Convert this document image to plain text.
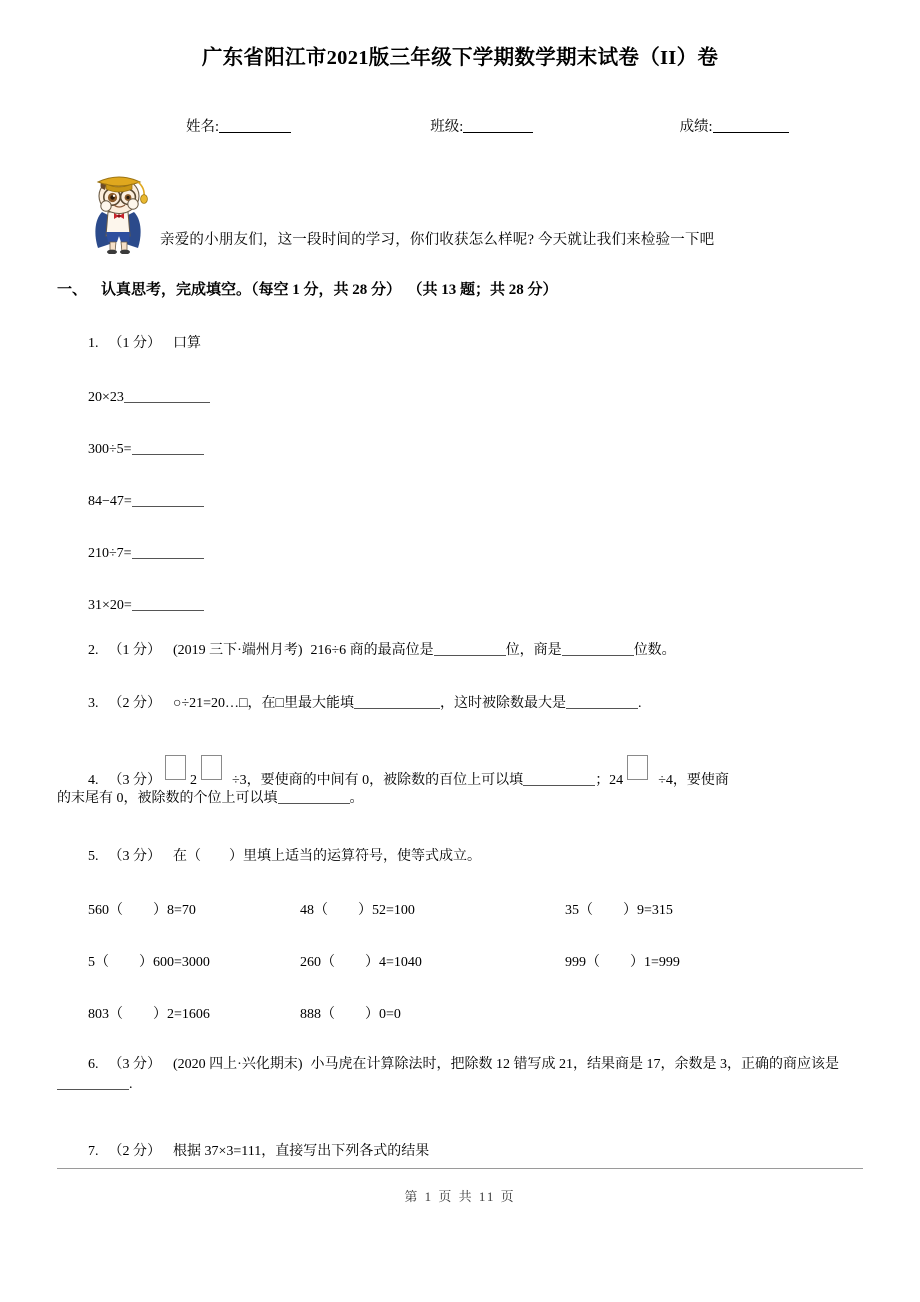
广东省阳江市2021版三年级下学期数学期末试卷（II）卷
姓名:	班级:	成绩:
亲爱的小朋友们，这一段时间的学习，你们收获怎么样呢? 今天就让我们来检验一下吧
一、 认真思考，完成填空。（每空 1 分，共 28 分） （共 13 题；共 28 分）
1. （1 分） 口算
20×23
300÷5=
84−47=
210÷7=
31×20=
2. （1 分） (2019 三下·端州月考) 216÷6 商的最高位是	位，商是	位数。
3. （2 分） ○÷21=20…□，在□里最大能填	，这时被除数最大是	.
4. （3 分） 2	÷3，要使商的中间有 0，被除数的百位上可以填	；24	÷4，要使商
的末尾有 0，被除数的个位上可以填	。
5. （3 分） 在（　　）里填上适当的运算符号，使等式成立。
560（ ）8=70	48（ ）52=100	35（ ）9=315
5（ ）600=3000	260（ ）4=1040	999（ ）1=999
803（ ）2=1606	888（ ）0=0
6. （3 分） (2020 四上·兴化期末) 小马虎在计算除法时，把除数 12 错写成 21，结果商是 17，余数是 3，正确的商应该是.
7. （2 分） 根据 37×3=111，直接写出下列各式的结果
第 1 页 共 11 页
